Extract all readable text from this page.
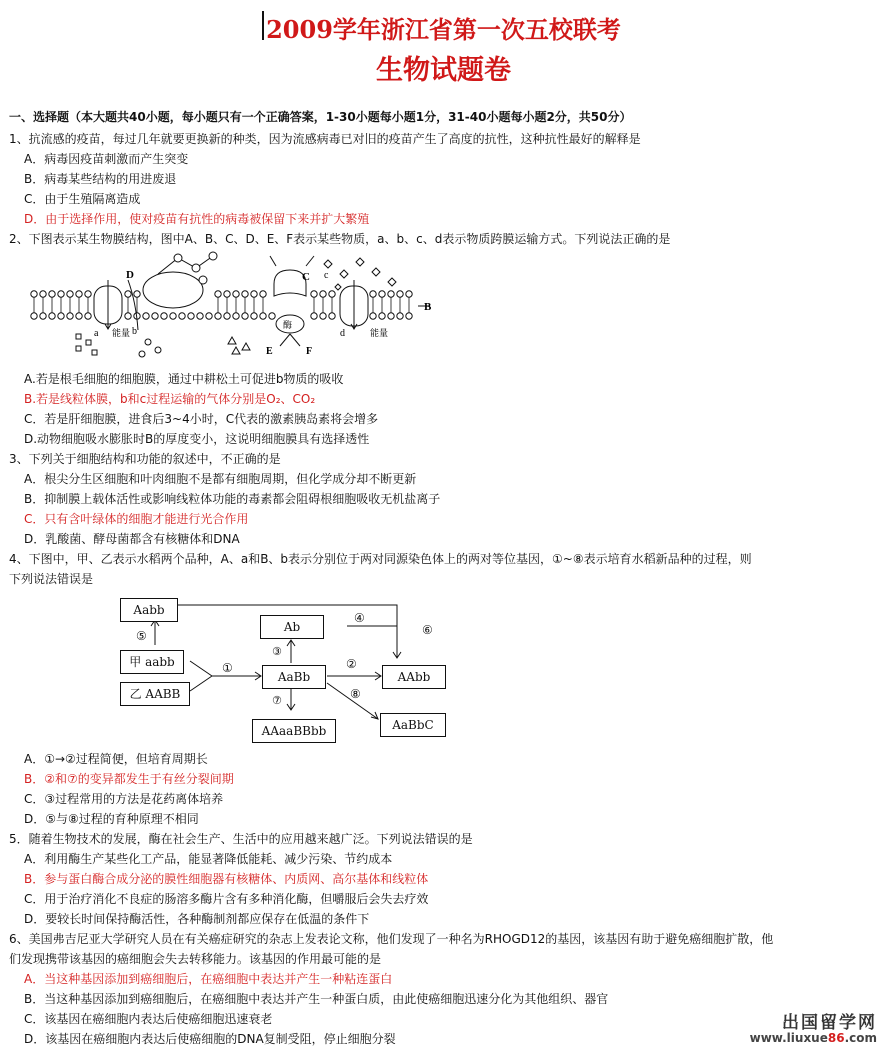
2009学年浙江省第一次五校联考
生物试题卷
一、选择题（本大题共40小题，每小题只有一个正确答案，1-30小题每小题1分，31-40小题每小题2分，共50分）
1、抗流感的疫苗，每过几年就要更换新的种类，因为流感病毒已对旧的疫苗产生了高度的抗性，这种抗性最好的解释是
A．病毒因疫苗刺激而产生突变
B．病毒某些结构的用进废退
C．由于生殖隔离造成
D．由于选择作用，使对疫苗有抗性的病毒被保留下来并扩大繁殖
2、下图表示某生物膜结构，图中A、B、C、D、E、F表示某些物质，a、b、c、d表示物质跨膜运输方式。下列说法正确的是
D	C
B
E	F
a	b
c
d
能量	能量
酶
A.若是根毛细胞的细胞膜，通过中耕松土可促进b物质的吸收
B.若是线粒体膜，b和c过程运输的气体分别是O₂、CO₂
C．若是肝细胞膜，进食后3~4小时，C代表的激素胰岛素将会增多
D.动物细胞吸水膨胀时B的厚度变小，这说明细胞膜具有选择透性
3、下列关于细胞结构和功能的叙述中，不正确的是
A．根尖分生区细胞和叶肉细胞不是都有细胞周期，但化学成分却不断更新
B．抑制膜上载体活性或影响线粒体功能的毒素都会阻碍根细胞吸收无机盐离子
C．只有含叶绿体的细胞才能进行光合作用
D．乳酸菌、酵母菌都含有核糖体和DNA
4、下图中，甲、乙表示水稻两个品种，A、a和B、b表示分别位于两对同源染色体上的两对等位基因，①~⑧表示培育水稻新品种的过程，则
下列说法错误是
Aabb
甲 aabb
乙 AABB
Ab
AaBb	AAbb
AAaaBBbb	AaBbC
①	②
③
④
⑤	⑥
⑦	⑧
A．①→②过程简便，但培育周期长
B．②和⑦的变异都发生于有丝分裂间期
C．③过程常用的方法是花药离体培养
D．⑤与⑧过程的育种原理不相同
5．随着生物技术的发展，酶在社会生产、生活中的应用越来越广泛。下列说法错误的是
A．利用酶生产某些化工产品，能显著降低能耗、减少污染、节约成本
B．参与蛋白酶合成分泌的膜性细胞器有核糖体、内质网、高尔基体和线粒体
C．用于治疗消化不良症的肠溶多酶片含有多种消化酶，但嚼服后会失去疗效
D．要较长时间保持酶活性，各种酶制剂都应保存在低温的条件下
6、美国弗吉尼亚大学研究人员在有关癌症研究的杂志上发表论文称，他们发现了一种名为RHOGD12的基因，该基因有助于避免癌细胞扩散，他
们发现携带该基因的癌细胞会失去转移能力。该基因的作用最可能的是
A．当这种基因添加到癌细胞后，在癌细胞中表达并产生一种粘连蛋白
B．当这种基因添加到癌细胞后，在癌细胞中表达并产生一种蛋白质，由此使癌细胞迅速分化为其他组织、器官
C．该基因在癌细胞内表达后使癌细胞迅速衰老
D．该基因在癌细胞内表达后使癌细胞的DNA复制受阻，停止细胞分裂
出国留学网
www.liuxue86.com
